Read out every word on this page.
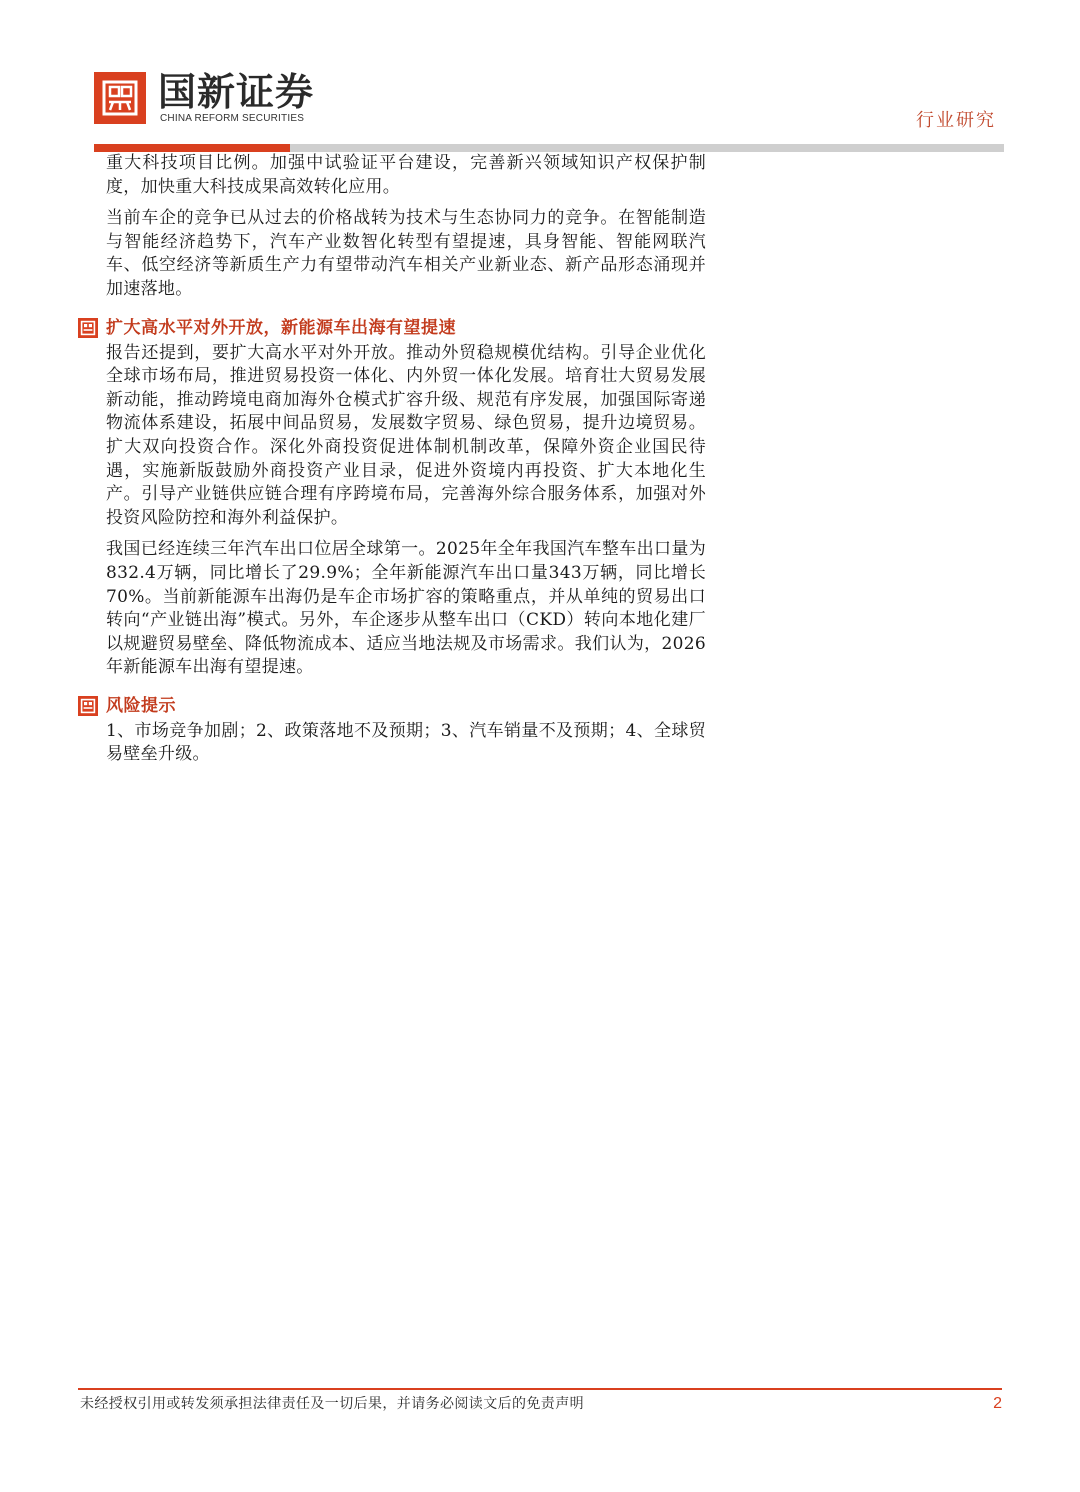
国新证券
CHINA REFORM SECURITIES	行业研究

重大科技项目比例。加强中试验证平台建设，完善新兴领域知识产权保护制度，加快重大科技成果高效转化应用。

当前车企的竞争已从过去的价格战转为技术与生态协同力的竞争。在智能制造与智能经济趋势下，汽车产业数智化转型有望提速，具身智能、智能网联汽车、低空经济等新质生产力有望带动汽车相关产业新业态、新产品形态涌现并加速落地。

扩大高水平对外开放，新能源车出海有望提速

报告还提到，要扩大高水平对外开放。推动外贸稳规模优结构。引导企业优化全球市场布局，推进贸易投资一体化、内外贸一体化发展。培育壮大贸易发展新动能，推动跨境电商加海外仓模式扩容升级、规范有序发展，加强国际寄递物流体系建设，拓展中间品贸易，发展数字贸易、绿色贸易，提升边境贸易。扩大双向投资合作。深化外商投资促进体制机制改革，保障外资企业国民待遇，实施新版鼓励外商投资产业目录，促进外资境内再投资、扩大本地化生产。引导产业链供应链合理有序跨境布局，完善海外综合服务体系，加强对外投资风险防控和海外利益保护。

我国已经连续三年汽车出口位居全球第一。2025年全年我国汽车整车出口量为832.4万辆，同比增长了29.9%；全年新能源汽车出口量343万辆，同比增长70%。当前新能源车出海仍是车企市场扩容的策略重点，并从单纯的贸易出口转向“产业链出海”模式。另外，车企逐步从整车出口（CKD）转向本地化建厂以规避贸易壁垒、降低物流成本、适应当地法规及市场需求。我们认为，2026年新能源车出海有望提速。

风险提示

1、市场竞争加剧；2、政策落地不及预期；3、汽车销量不及预期；4、全球贸易壁垒升级。

未经授权引用或转发须承担法律责任及一切后果，并请务必阅读文后的免责声明	2
